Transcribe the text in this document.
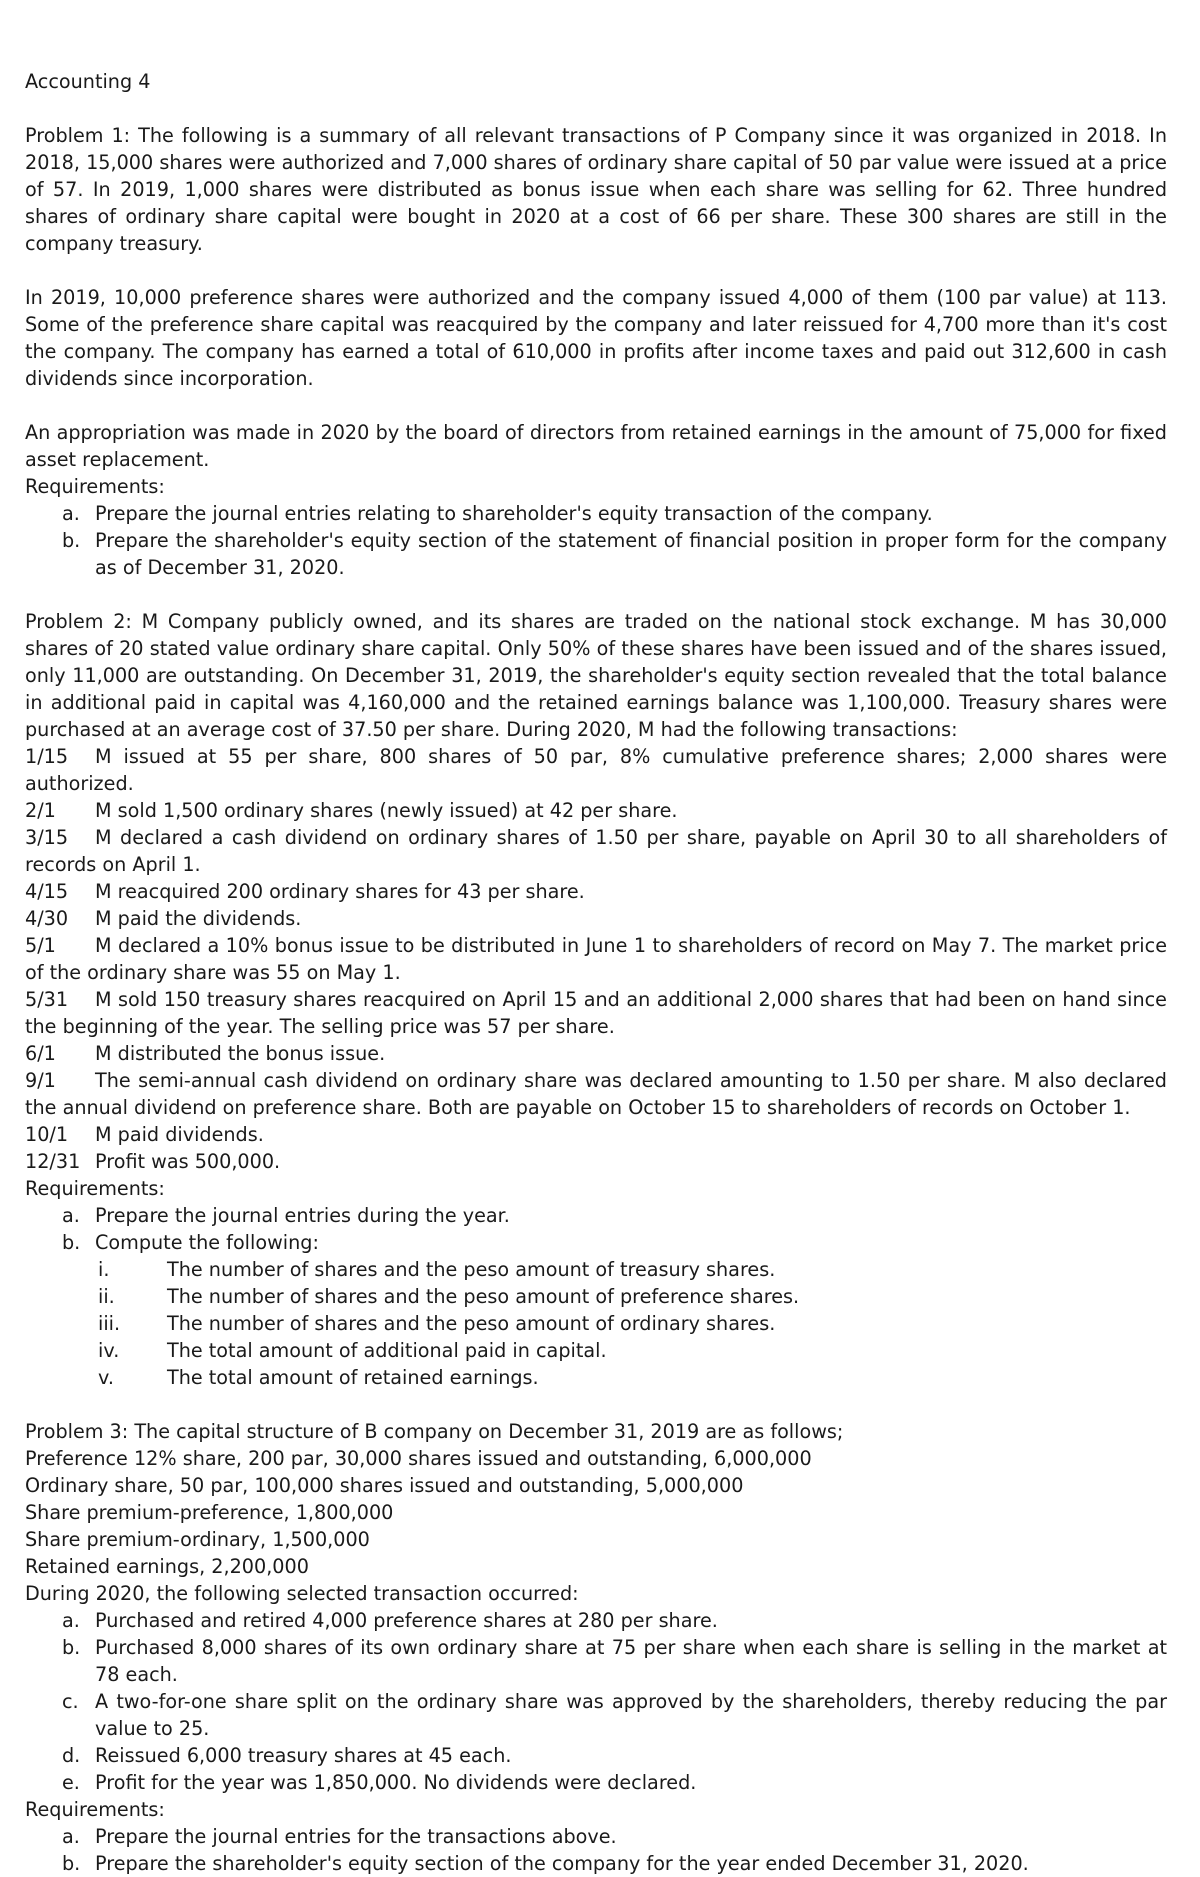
Accounting 4

Problem 1: The following is a summary of all relevant transactions of P Company since it was organized in 2018. In 2018, 15,000 shares were authorized and 7,000 shares of ordinary share capital of 50 par value were issued at a price of 57. In 2019, 1,000 shares were distributed as bonus issue when each share was selling for 62. Three hundred shares of ordinary share capital were bought in 2020 at a cost of 66 per share. These 300 shares are still in the company treasury.

In 2019, 10,000 preference shares were authorized and the company issued 4,000 of them (100 par value) at 113. Some of the preference share capital was reacquired by the company and later reissued for 4,700 more than it's cost the company. The company has earned a total of 610,000 in profits after income taxes and paid out 312,600 in cash dividends since incorporation.

An appropriation was made in 2020 by the board of directors from retained earnings in the amount of 75,000 for fixed asset replacement.

Requirements:

a. Prepare the journal entries relating to shareholder's equity transaction of the company.
b. Prepare the shareholder's equity section of the statement of financial position in proper form for the company as of December 31, 2020.

Problem 2: M Company publicly owned, and its shares are traded on the national stock exchange. M has 30,000 shares of 20 stated value ordinary share capital. Only 50% of these shares have been issued and of the shares issued, only 11,000 are outstanding. On December 31, 2019, the shareholder's equity section revealed that the total balance in additional paid in capital was 4,160,000 and the retained earnings balance was 1,100,000. Treasury shares were purchased at an average cost of 37.50 per share. During 2020, M had the following transactions:

1/15 M issued at 55 per share, 800 shares of 50 par, 8% cumulative preference shares; 2,000 shares were authorized.

2/1 M sold 1,500 ordinary shares (newly issued) at 42 per share.

3/15 M declared a cash dividend on ordinary shares of 1.50 per share, payable on April 30 to all shareholders of records on April 1.

4/15 M reacquired 200 ordinary shares for 43 per share.

4/30 M paid the dividends.

5/1 M declared a 10% bonus issue to be distributed in June 1 to shareholders of record on May 7. The market price of the ordinary share was 55 on May 1.

5/31 M sold 150 treasury shares reacquired on April 15 and an additional 2,000 shares that had been on hand since the beginning of the year. The selling price was 57 per share.

6/1 M distributed the bonus issue.

9/1 The semi-annual cash dividend on ordinary share was declared amounting to 1.50 per share. M also declared the annual dividend on preference share. Both are payable on October 15 to shareholders of records on October 1.

10/1 M paid dividends.

12/31 Profit was 500,000.

Requirements:

a. Prepare the journal entries during the year.
b. Compute the following:
i.	The number of shares and the peso amount of treasury shares.
ii.	The number of shares and the peso amount of preference shares.
iii. The number of shares and the peso amount of ordinary shares.
iv. The total amount of additional paid in capital.
v.	The total amount of retained earnings.

Problem 3: The capital structure of B company on December 31, 2019 are as follows;

Preference 12% share, 200 par, 30,000 shares issued and outstanding, 6,000,000

Ordinary share, 50 par, 100,000 shares issued and outstanding, 5,000,000

Share premium-preference, 1,800,000

Share premium-ordinary, 1,500,000

Retained earnings, 2,200,000

During 2020, the following selected transaction occurred:

a. Purchased and retired 4,000 preference shares at 280 per share.
b. Purchased 8,000 shares of its own ordinary share at 75 per share when each share is selling in the market at 78 each.
c. A two-for-one share split on the ordinary share was approved by the shareholders, thereby reducing the par value to 25.
d. Reissued 6,000 treasury shares at 45 each.
e. Profit for the year was 1,850,000. No dividends were declared.

Requirements:

a. Prepare the journal entries for the transactions above.
b. Prepare the shareholder's equity section of the company for the year ended December 31, 2020.
